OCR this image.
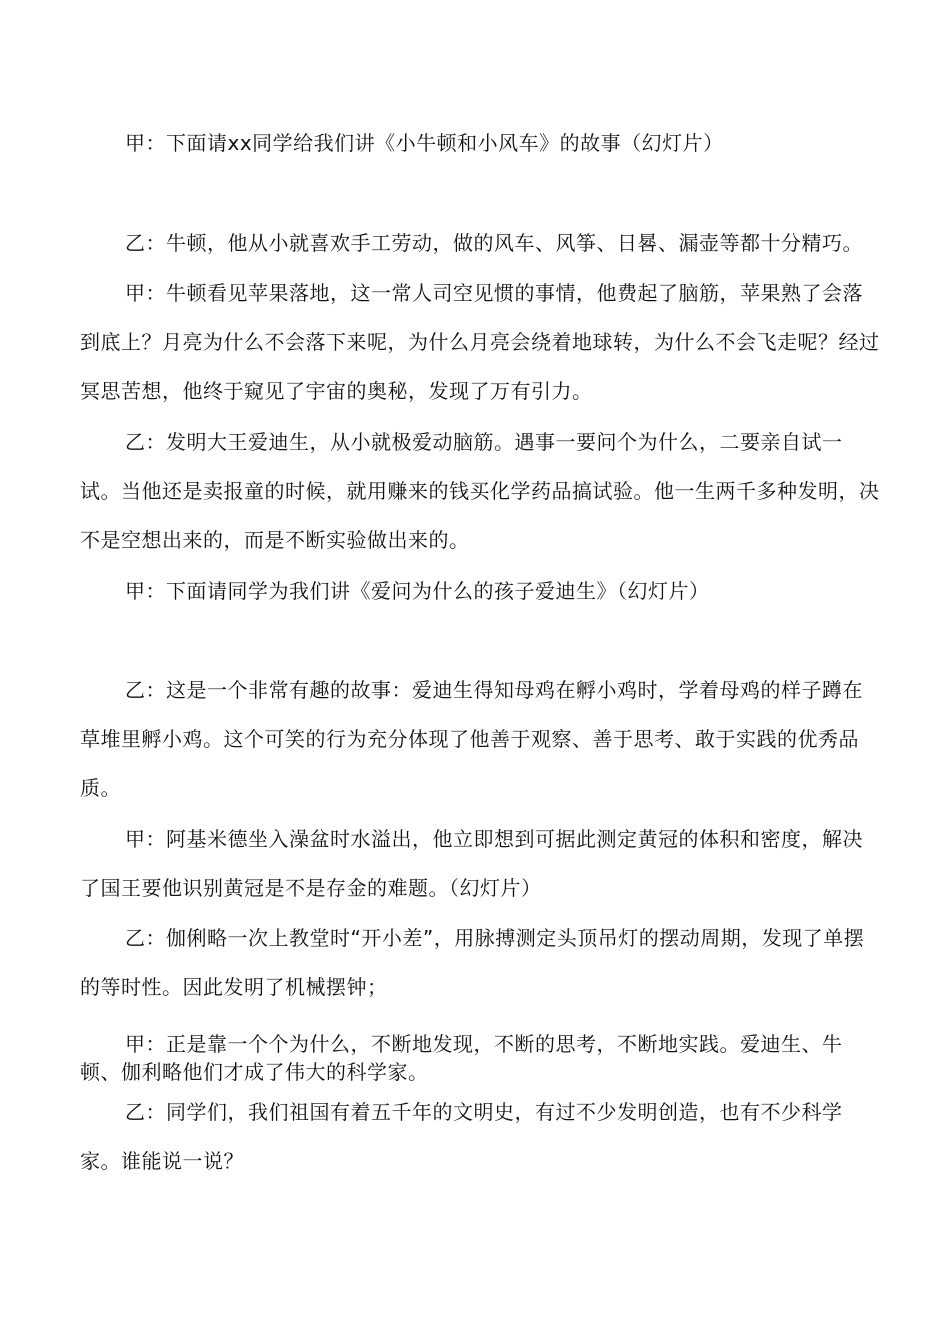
甲：下面请xx同学给我们讲《小牛顿和小风车》的故事（幻灯片）

乙：牛顿，他从小就喜欢手工劳动，做的风车、风筝、日晷、漏壶等都十分精巧。

甲：牛顿看见苹果落地，这一常人司空见惯的事情，他费起了脑筋，苹果熟了会落到底上？月亮为什么不会落下来呢，为什么月亮会绕着地球转，为什么不会飞走呢？经过冥思苦想，他终于窥见了宇宙的奥秘，发现了万有引力。

乙：发明大王爱迪生，从小就极爱动脑筋。遇事一要问个为什么，二要亲自试一试。当他还是卖报童的时候，就用赚来的钱买化学药品搞试验。他一生两千多种发明，决不是空想出来的，而是不断实验做出来的。

甲：下面请同学为我们讲《爱问为什么的孩子爱迪生》（幻灯片）

乙：这是一个非常有趣的故事：爱迪生得知母鸡在孵小鸡时，学着母鸡的样子蹲在草堆里孵小鸡。这个可笑的行为充分体现了他善于观察、善于思考、敢于实践的优秀品质。

甲：阿基米德坐入澡盆时水溢出，他立即想到可据此测定黄冠的体积和密度，解决了国王要他识别黄冠是不是存金的难题。（幻灯片）

乙：伽俐略一次上教堂时“开小差”，用脉搏测定头顶吊灯的摆动周期，发现了单摆的等时性。因此发明了机械摆钟；

甲：正是靠一个个为什么，不断地发现，不断的思考，不断地实践。爱迪生、牛顿、伽利略他们才成了伟大的科学家。

乙：同学们，我们祖国有着五千年的文明史，有过不少发明创造，也有不少科学家。谁能说一说？
